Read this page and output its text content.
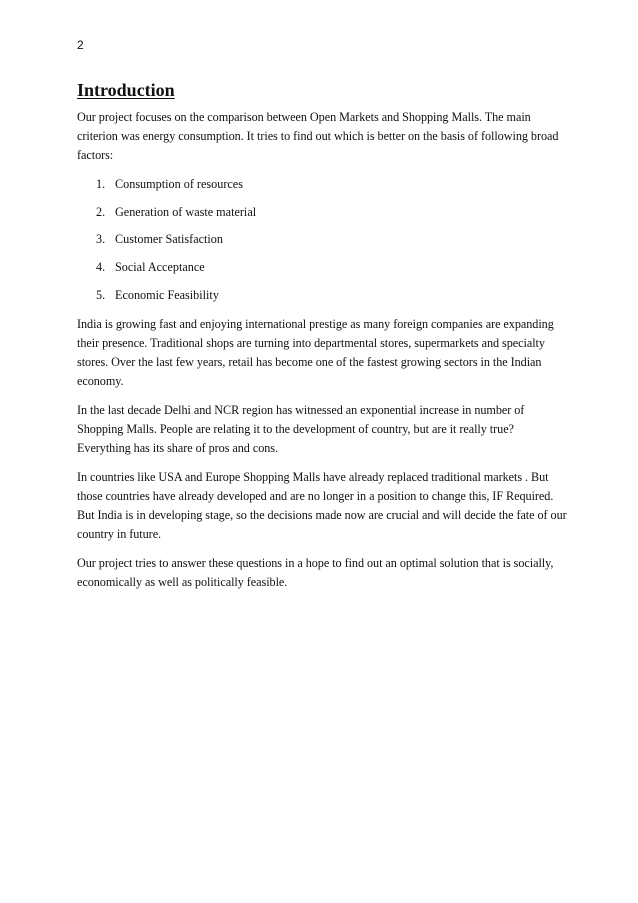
2
Introduction

Our project focuses on the comparison between Open Markets and Shopping Malls. The main criterion was energy consumption. It tries to find out which is better on the basis of following broad factors:

1. Consumption of resources
2. Generation of waste material
3. Customer Satisfaction
4. Social Acceptance
5. Economic Feasibility

India is growing fast and enjoying international prestige as many foreign companies are expanding their presence. Traditional shops are turning into departmental stores, supermarkets and specialty stores. Over the last few years, retail has become one of the fastest growing sectors in the Indian economy.

In the last decade Delhi and NCR region has witnessed an exponential increase in number of Shopping Malls. People are relating it to the development of country, but are it really true? Everything has its share of pros and cons.

In countries like USA and Europe Shopping Malls have already replaced traditional markets . But those countries have already developed and are no longer in a position to change this, IF Required. But India is in developing stage, so the decisions made now are crucial and will decide the fate of our country in future.

Our project tries to answer these questions in a hope to find out an optimal solution that is socially, economically as well as politically feasible.
